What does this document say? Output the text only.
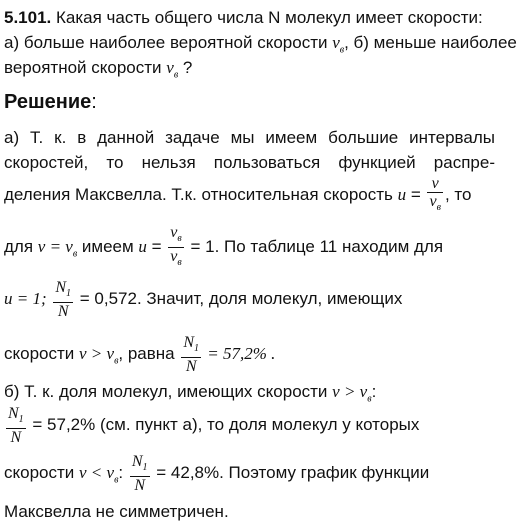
5.101. Какая часть общего числа N молекул имеет скорости:
а) больше наиболее вероятной скорости $v_в$, б) меньше наиболее
вероятной скорости $v_в$ ?
Решение:
а) Т. к. в данной задаче мы имеем большие интервалы
скоростей, то нельзя пользоваться функцией распре-
деления Максвелла. Т.к. относительная скорость $u = \frac{v}{v_в}$ , то
для $v = v_в$ имеем $u = \frac{v_в}{v_в} = 1$. По таблице 11 находим для
u = 1; $\frac{N_1}{N} = 0,572$. Значит, доля молекул, имеющих
скорости $v > v_в$, равна $\frac{N_1}{N} = 57,2\%$ .
б) Т. к. доля молекул, имеющих скорости $v > v_в$:
$\frac{N_1}{N} = 57,2\%$ (см. пункт а), то доля молекул у которых
скорости $v < v_в$: $\frac{N_1}{N} = 42,8\%$. Поэтому график функции
Максвелла не симметричен.
